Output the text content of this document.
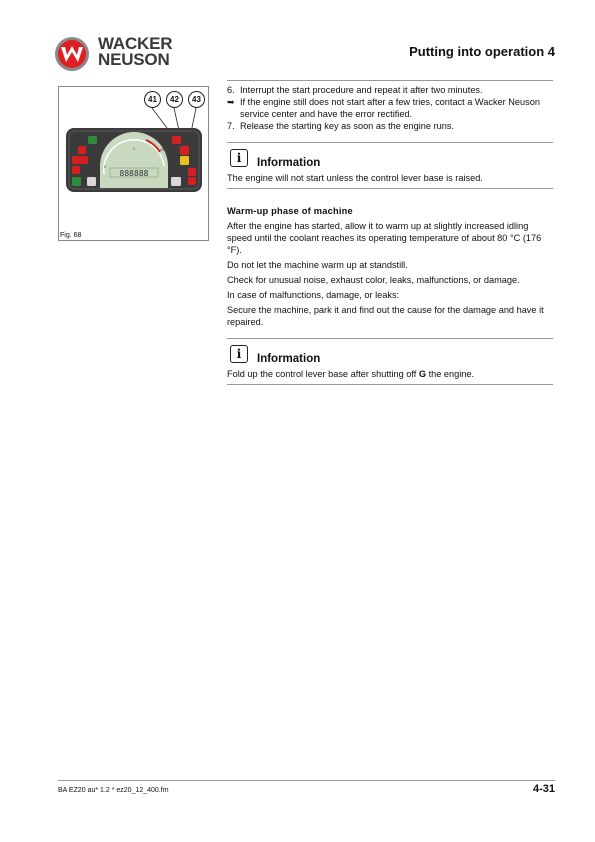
WACKER
NEUSON	Putting into operation 4
1
0
40
888888
41	42	43
Fig. 68
6. Interrupt the start procedure and repeat it after two minutes.
➥ If the engine still does not start after a few tries, contact a Wacker Neuson service center and have the error rectified.
7. Release the starting key as soon as the engine runs.
i	Information
The engine will not start unless the control lever base is raised.
Warm-up phase of machine
After the engine has started, allow it to warm up at slightly increased idling speed until the coolant reaches its operating temperature of about 80 °C (176 °F).
Do not let the machine warm up at standstill.
Check for unusual noise, exhaust color, leaks, malfunctions, or damage.
In case of malfunctions, damage, or leaks:
Secure the machine, park it and find out the cause for the damage and have it repaired.
i	Information
Fold up the control lever base after shutting off G the engine.
BA EZ20 au* 1.2 * ez20_12_400.fm	4-31
